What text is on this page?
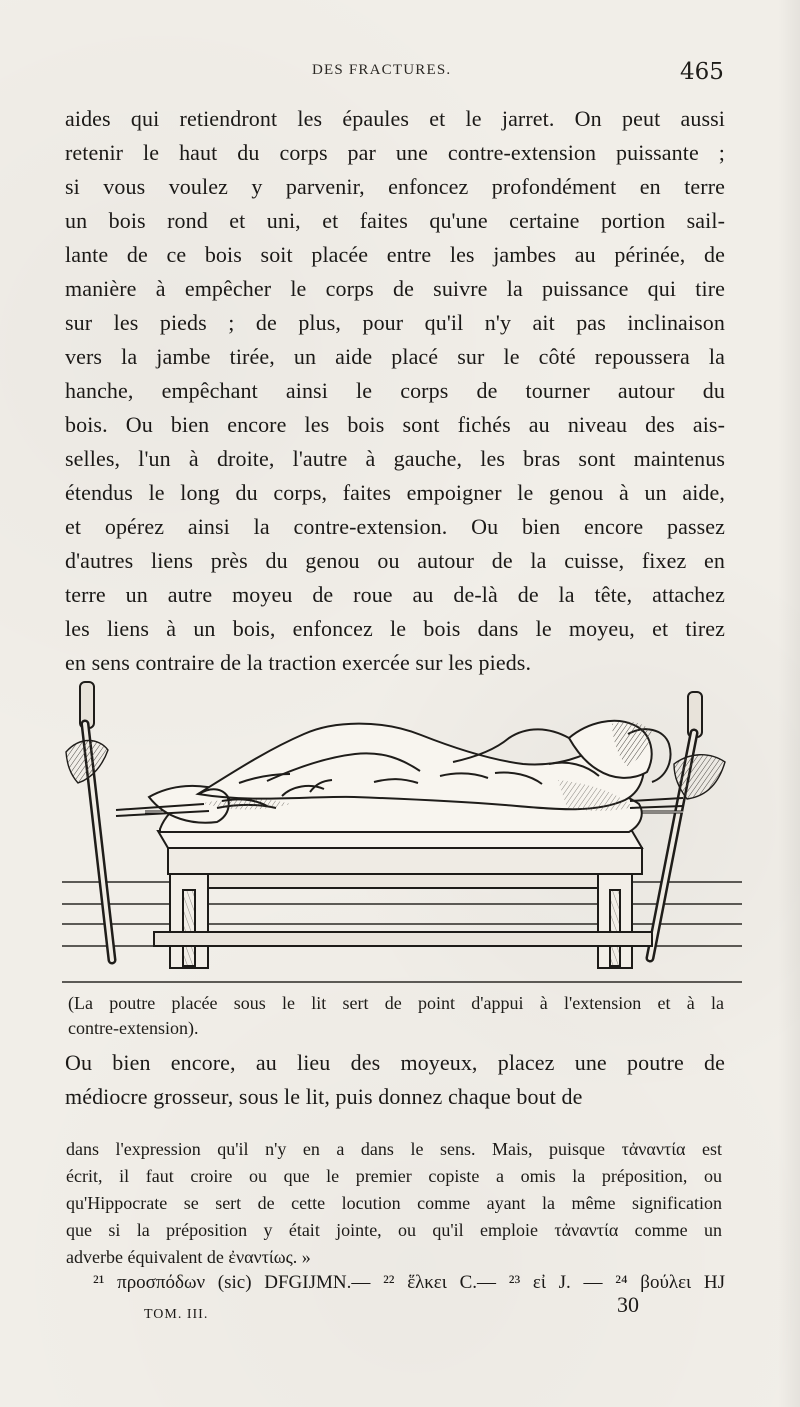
DES FRACTURES.	465
aides qui retiendront les épaules et le jarret. On peut aussi
retenir le haut du corps par une contre-extension puissante ;
si vous voulez y parvenir, enfoncez profondément en terre
un bois rond et uni, et faites qu'une certaine portion sail-
lante de ce bois soit placée entre les jambes au périnée, de
manière à empêcher le corps de suivre la puissance qui tire
sur les pieds ; de plus, pour qu'il n'y ait pas inclinaison
vers la jambe tirée, un aide placé sur le côté repoussera la
hanche, empêchant ainsi le corps de tourner autour du
bois. Ou bien encore les bois sont fichés au niveau des ais-
selles, l'un à droite, l'autre à gauche, les bras sont maintenus
étendus le long du corps, faites empoigner le genou à un aide,
et opérez ainsi la contre-extension. Ou bien encore passez
d'autres liens près du genou ou autour de la cuisse, fixez en
terre un autre moyeu de roue au de-là de la tête, attachez
les liens à un bois, enfoncez le bois dans le moyeu, et tirez
en sens contraire de la traction exercée sur les pieds.
(La poutre placée sous le lit sert de point d'appui à l'extension et à la
contre-extension).
Ou bien encore, au lieu des moyeux, placez une poutre de
médiocre grosseur, sous le lit, puis donnez chaque bout de
dans l'expression qu'il n'y en a dans le sens. Mais, puisque τἀναντία est
écrit, il faut croire ou que le premier copiste a omis la préposition, ou
qu'Hippocrate se sert de cette locution comme ayant la même signification
que si la préposition y était jointe, ou qu'il emploie τἀναντία comme un
adverbe équivalent de ἐναντίως. »
²¹ προσπόδων (sic) DFGIJMN.— ²² ἕλκει C.— ²³ εἰ J. — ²⁴ βούλει HJ
TOM. III.	30
